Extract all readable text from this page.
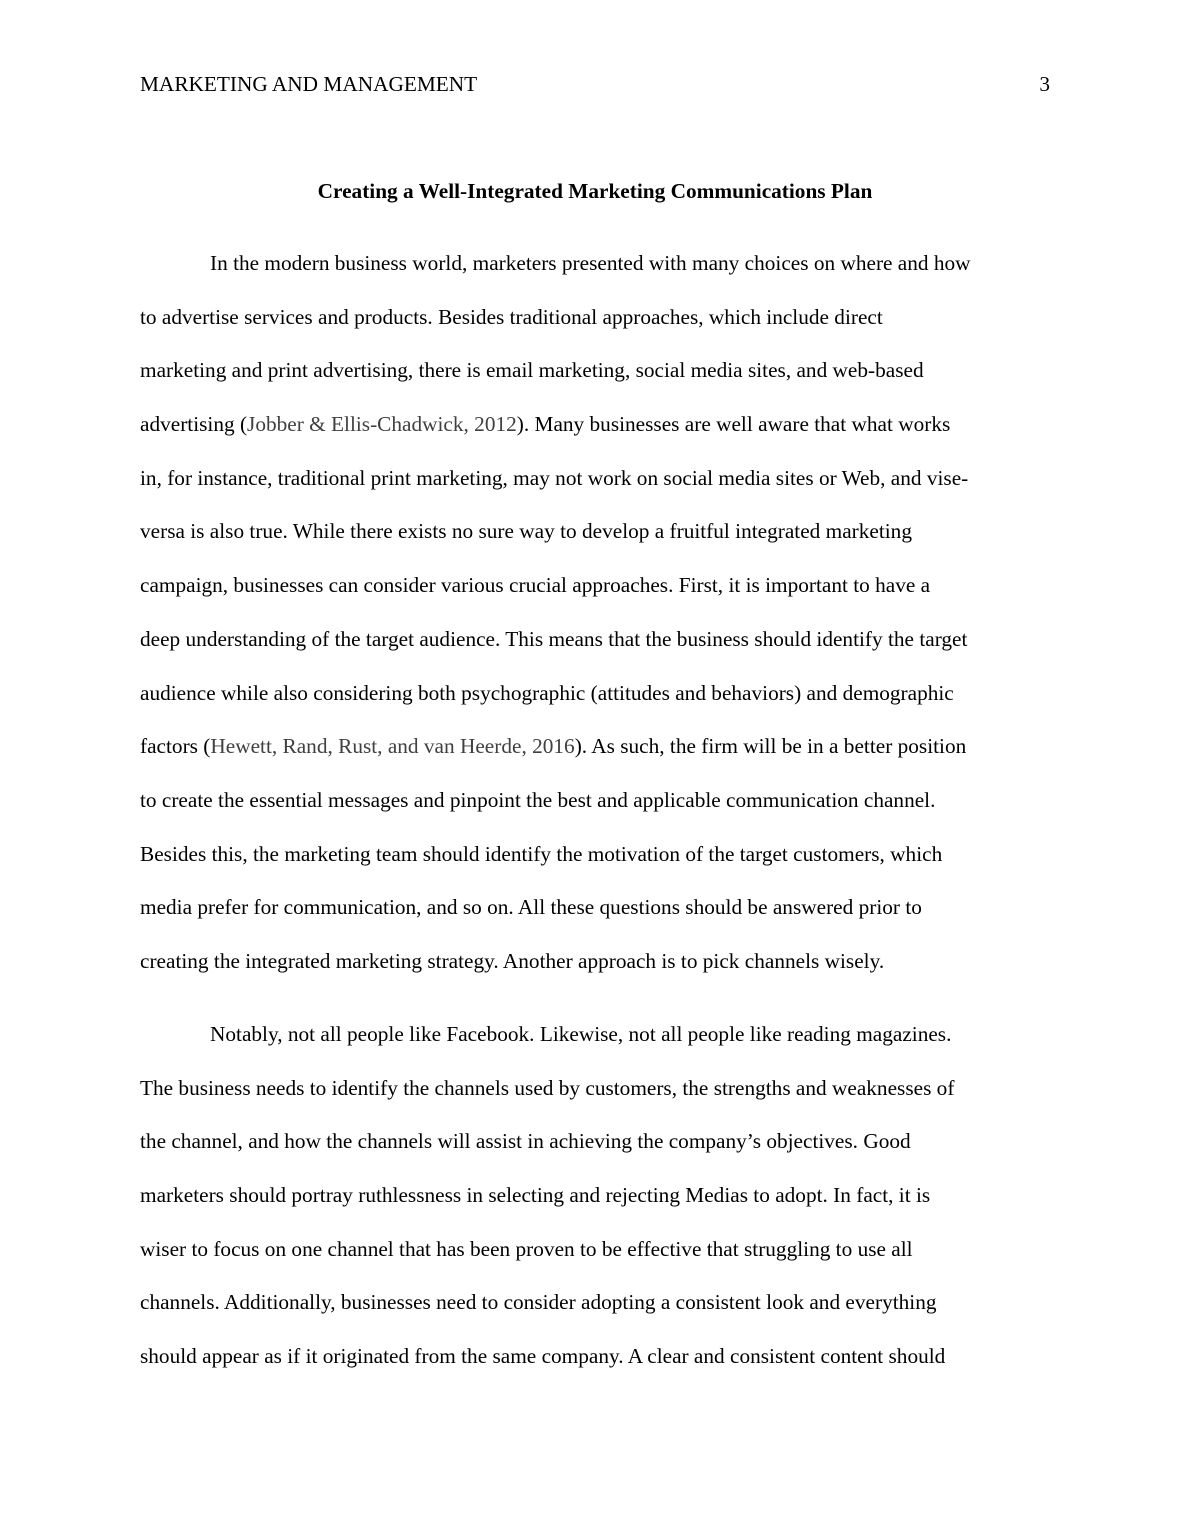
MARKETING AND MANAGEMENT	3
Creating a Well-Integrated Marketing Communications Plan
In the modern business world, marketers presented with many choices on where and how
to advertise services and products. Besides traditional approaches, which include direct
marketing and print advertising, there is email marketing, social media sites, and web-based
advertising (Jobber & Ellis-Chadwick, 2012). Many businesses are well aware that what works
in, for instance, traditional print marketing, may not work on social media sites or Web, and vise-
versa is also true. While there exists no sure way to develop a fruitful integrated marketing
campaign, businesses can consider various crucial approaches. First, it is important to have a
deep understanding of the target audience. This means that the business should identify the target
audience while also considering both psychographic (attitudes and behaviors) and demographic
factors (Hewett, Rand, Rust, and van Heerde, 2016). As such, the firm will be in a better position
to create the essential messages and pinpoint the best and applicable communication channel.
Besides this, the marketing team should identify the motivation of the target customers, which
media prefer for communication, and so on. All these questions should be answered prior to
creating the integrated marketing strategy. Another approach is to pick channels wisely.
Notably, not all people like Facebook. Likewise, not all people like reading magazines.
The business needs to identify the channels used by customers, the strengths and weaknesses of
the channel, and how the channels will assist in achieving the company’s objectives. Good
marketers should portray ruthlessness in selecting and rejecting Medias to adopt. In fact, it is
wiser to focus on one channel that has been proven to be effective that struggling to use all
channels. Additionally, businesses need to consider adopting a consistent look and everything
should appear as if it originated from the same company. A clear and consistent content should
